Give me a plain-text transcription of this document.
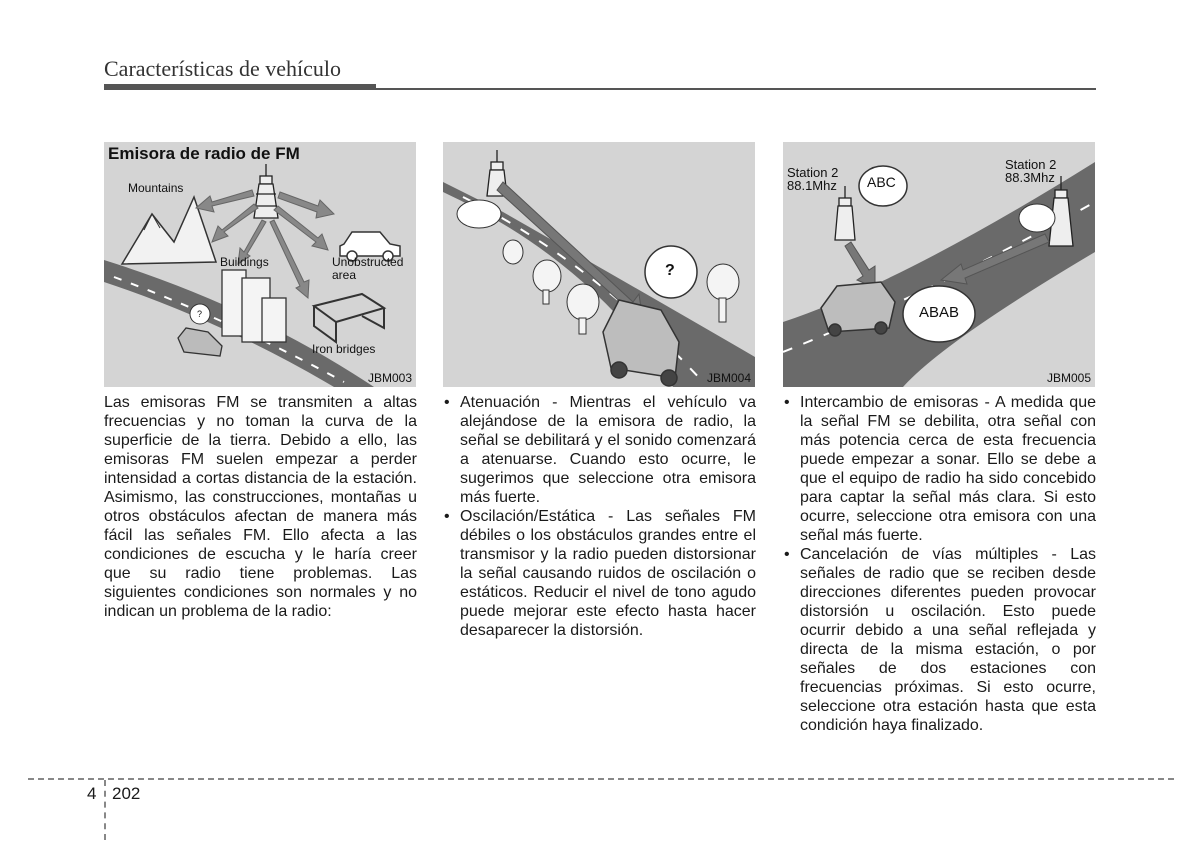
Características de vehículo
Emisora de radio de FM
Mountains
Buildings	Unobstructed area
Iron bridges
?
JBM003
?
JBM004
Station 2
88.1Mhz
Station 2
88.3Mhz
ABC
ABAB
JBM005

Las emisoras FM se transmiten a altas frecuencias y no toman la curva de la superficie de la tierra. Debido a ello, las emisoras FM suelen empezar a perder intensidad a cortas distancia de la estación. Asimismo, las construcciones, montañas u otros obstáculos afectan de manera más fácil las señales FM. Ello afecta a las condiciones de escucha y le haría creer que su radio tiene problemas. Las siguientes condiciones son normales y no indican un problema de la radio:

• Atenuación - Mientras el vehículo va alejándose de la emisora de radio, la señal se debilitará y el sonido comenzará a atenuarse. Cuando esto ocurre, le sugerimos que seleccione otra emisora más fuerte.
• Oscilación/Estática - Las señales FM débiles o los obstáculos grandes entre el transmisor y la radio pueden distorsionar la señal causando ruidos de oscilación o estáticos. Reducir el nivel de tono agudo puede mejorar este efecto hasta hacer desaparecer la distorsión.
• Intercambio de emisoras - A medida que la señal FM se debilita, otra señal con más potencia cerca de esta frecuencia puede empezar a sonar. Ello se debe a que el equipo de radio ha sido concebido para captar la señal más clara. Si esto ocurre, seleccione otra emisora con una señal más fuerte.
• Cancelación de vías múltiples - Las señales de radio que se reciben desde direcciones diferentes pueden provocar distorsión u oscilación. Esto puede ocurrir debido a una señal reflejada y directa de la misma estación, o por señales de dos estaciones con frecuencias próximas. Si esto ocurre, seleccione otra estación hasta que esta condición haya finalizado.
4 202
